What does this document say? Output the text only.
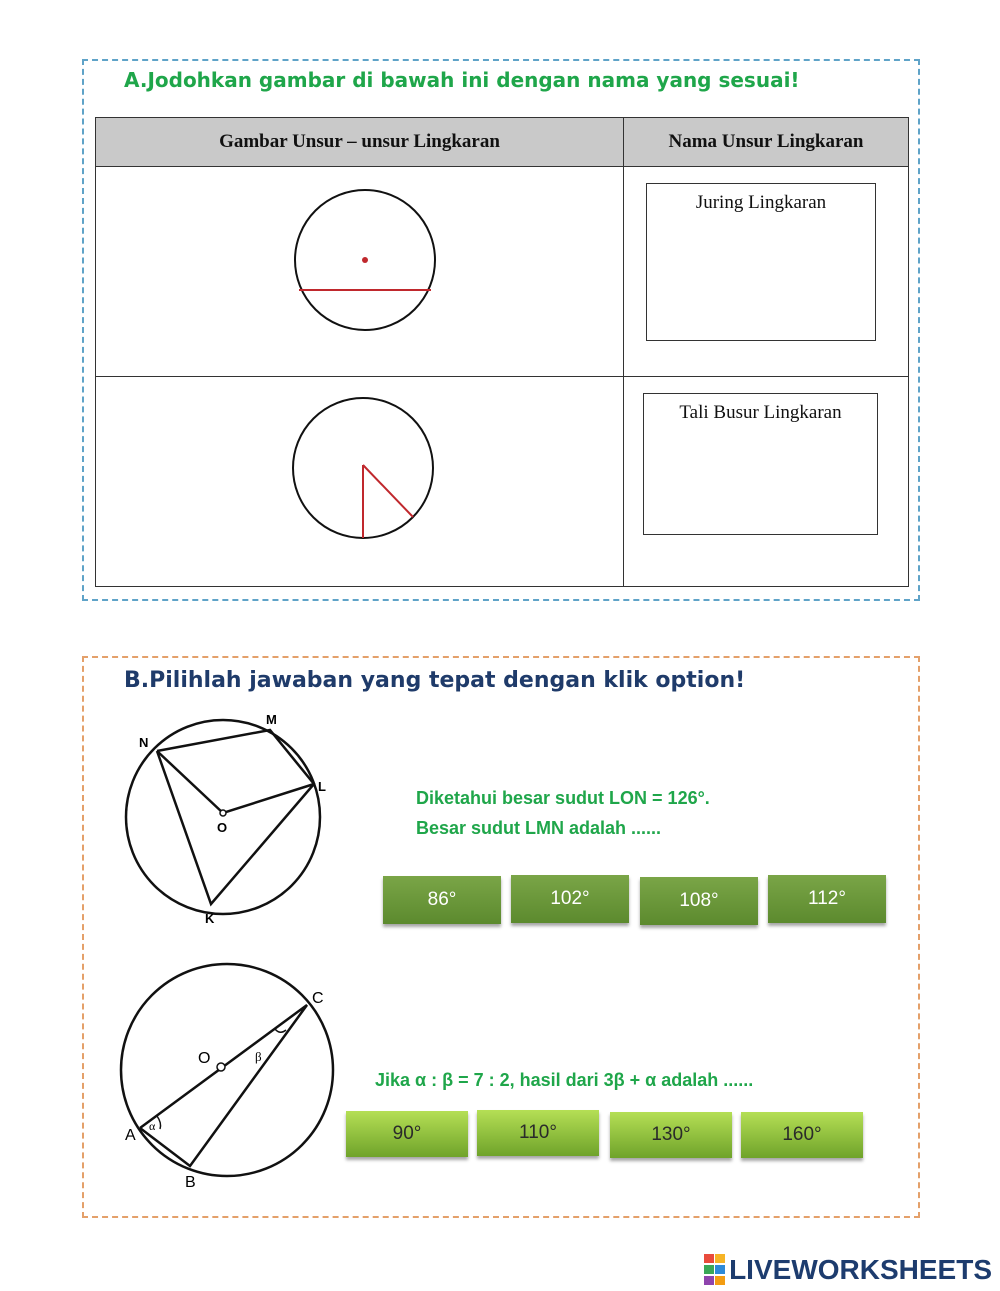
A.Jodohkan gambar di bawah ini dengan nama yang sesuai!
Gambar Unsur – unsur Lingkaran	Nama Unsur Lingkaran

Juring Lingkaran
Tali Busur Lingkaran
B.Pilihlah jawaban yang tepat dengan klik option!
N
M
L
O
K
Diketahui besar sudut LON = 126°.
Besar sudut LMN adalah ......
86°	102°	108°	112°
C
O	β
A
α
B
Jika α : β = 7 : 2, hasil dari 3β + α adalah ......
90°	110°	130°	160°
LIVEWORKSHEETS
